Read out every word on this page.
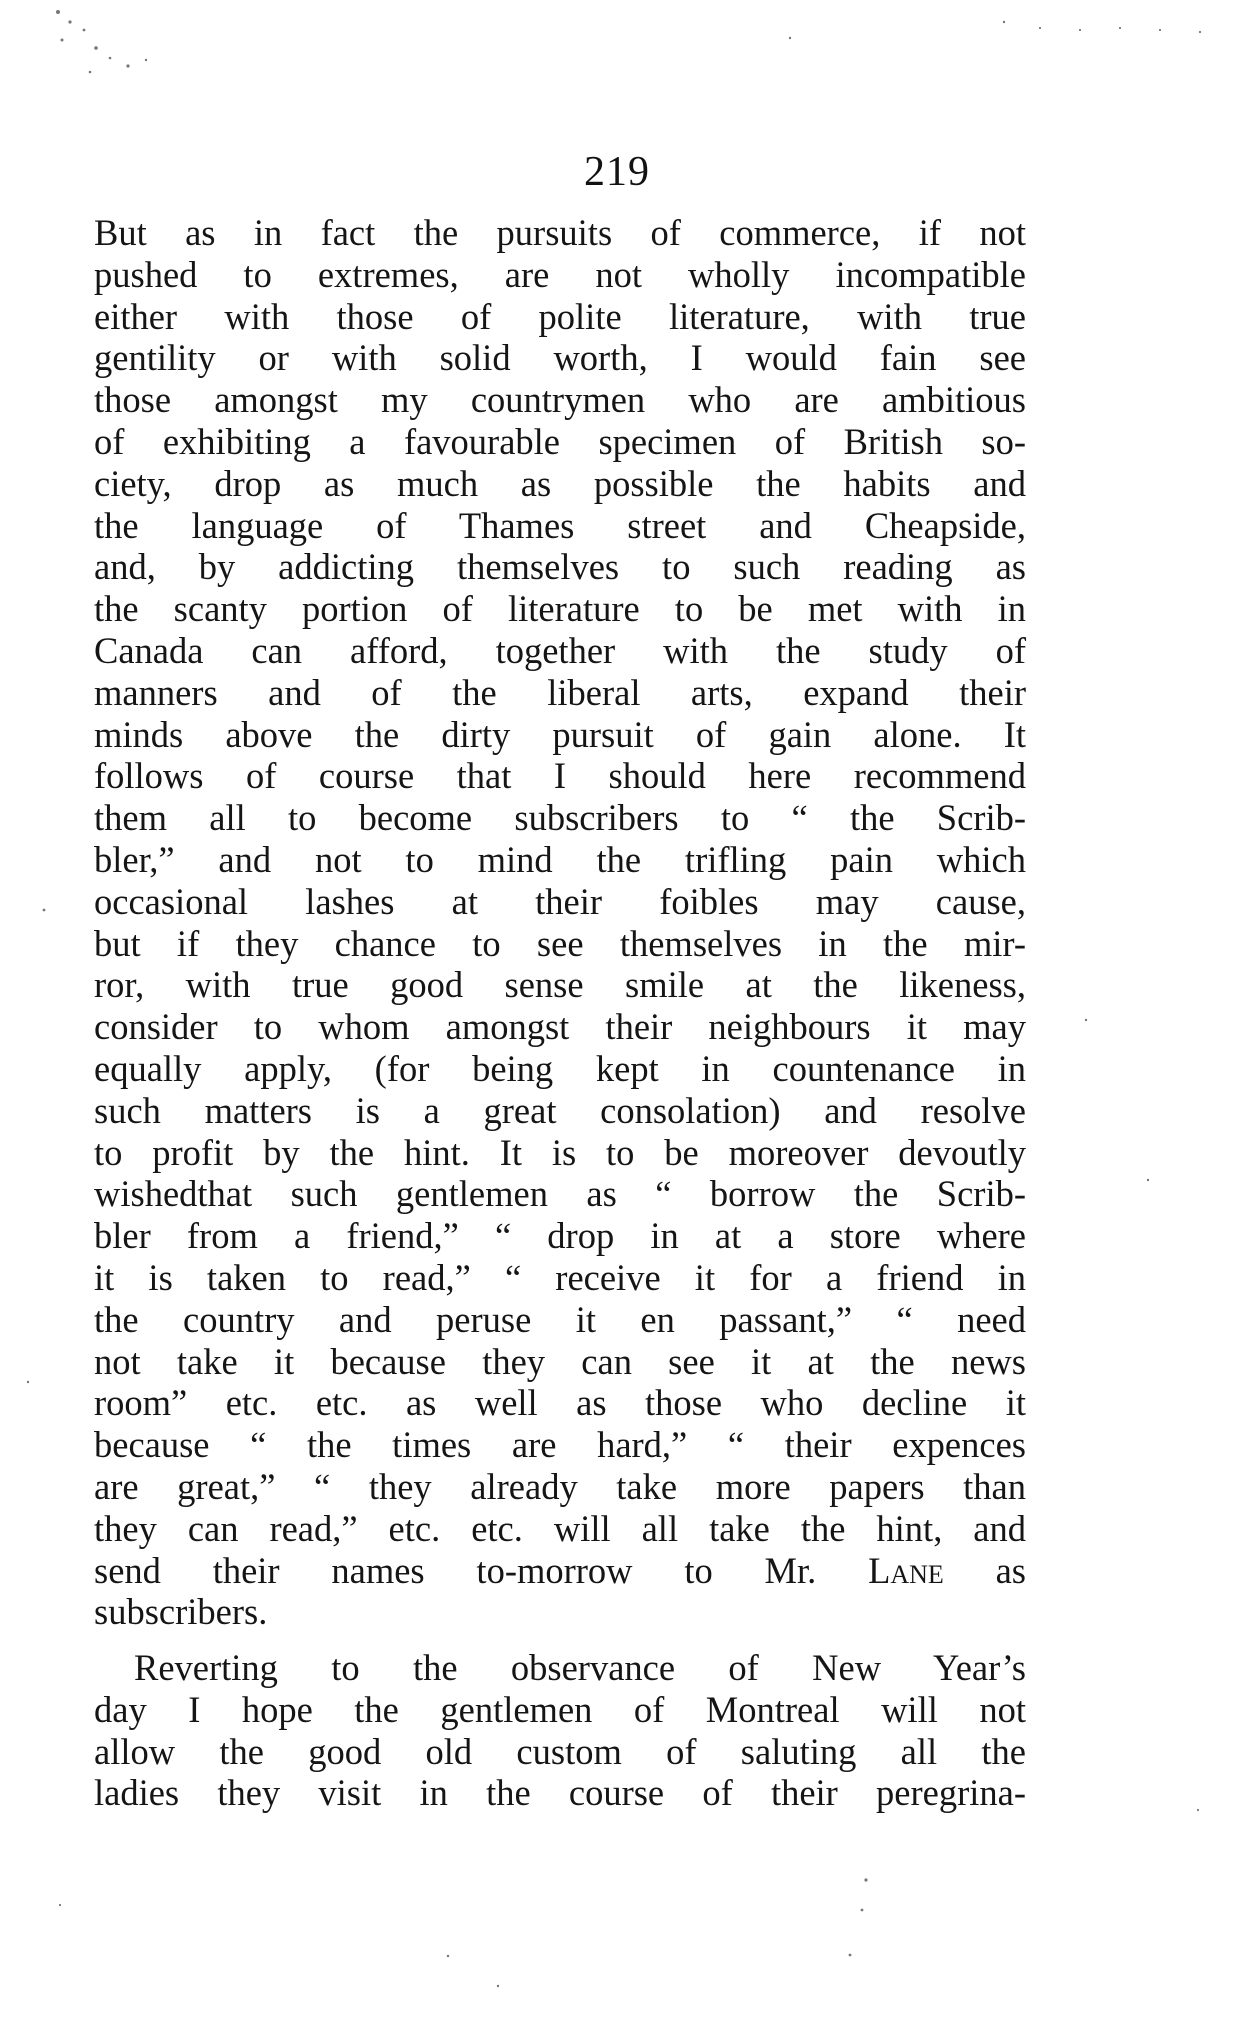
219
But as in fact the pursuits of commerce, if not
pushed to extremes, are not wholly incompatible
either with those of polite literature, with true
gentility or with solid worth, I would fain see
those amongst my countrymen who are ambitious
of exhibiting a favourable specimen of British so-
ciety, drop as much as possible the habits and
the language of Thames street and Cheapside,
and, by addicting themselves to such reading as
the scanty portion of literature to be met with in
Canada can afford, together with the study of
manners and of the liberal arts, expand their
minds above the dirty pursuit of gain alone. It
follows of course that I should here recommend
them all to become subscribers to “ the Scrib-
bler,” and not to mind the trifling pain which
occasional lashes at their foibles may cause,
but if they chance to see themselves in the mir-
ror, with true good sense smile at the likeness,
consider to whom amongst their neighbours it may
equally apply, (for being kept in countenance in
such matters is a great consolation) and resolve
to profit by the hint. It is to be moreover devoutly
wishedthat such gentlemen as “ borrow the Scrib-
bler from a friend,” “ drop in at a store where
it is taken to read,” “ receive it for a friend in
the country and peruse it en passant,” “ need
not take it because they can see it at the news
room” etc. etc. as well as those who decline it
because “ the times are hard,” “ their expences
are great,” “ they already take more papers than
they can read,” etc. etc. will all take the hint, and
send their names to-morrow to Mr. Lane as
subscribers.
Reverting to the observance of New Year’s
day I hope the gentlemen of Montreal will not
allow the good old custom of saluting all the
ladies they visit in the course of their peregrina-
